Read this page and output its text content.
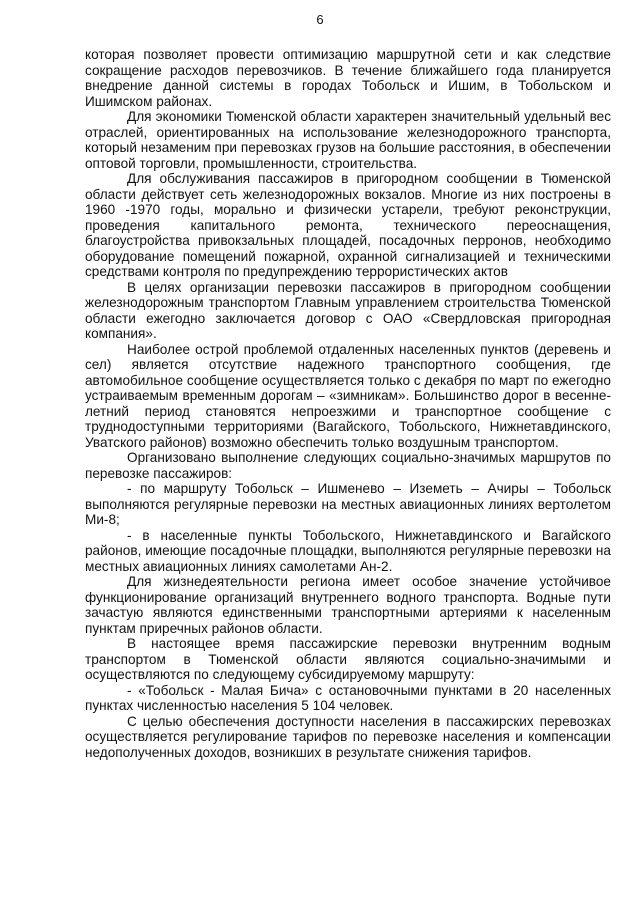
6

которая позволяет провести оптимизацию маршрутной сети и как следствие сокращение расходов перевозчиков. В течение ближайшего года планируется внедрение данной системы в городах Тобольск и Ишим, в Тобольском и Ишимском районах.

Для экономики Тюменской области характерен значительный удельный вес отраслей, ориентированных на использование железнодорожного транспорта, который незаменим при перевозках грузов на большие расстояния, в обеспечении оптовой торговли, промышленности, строительства.

Для обслуживания пассажиров в пригородном сообщении в Тюменской области действует сеть железнодорожных вокзалов. Многие из них построены в 1960 -1970 годы, морально и физически устарели, требуют реконструкции, проведения капитального ремонта, технического переоснащения, благоустройства привокзальных площадей, посадочных перронов, необходимо оборудование помещений пожарной, охранной сигнализацией и техническими средствами контроля по предупреждению террористических актов

В целях организации перевозки пассажиров в пригородном сообщении железнодорожным транспортом Главным управлением строительства Тюменской области ежегодно заключается договор с ОАО «Свердловская пригородная компания».

Наиболее острой проблемой отдаленных населенных пунктов (деревень и сел) является отсутствие надежного транспортного сообщения, где автомобильное сообщение осуществляется только с декабря по март по ежегодно устраиваемым временным дорогам – «зимникам». Большинство дорог в весенне-летний период становятся непроезжими и транспортное сообщение с труднодоступными территориями (Вагайского, Тобольского, Нижнетавдинского, Уватского районов) возможно обеспечить только воздушным транспортом.

Организовано выполнение следующих социально-значимых маршрутов по перевозке пассажиров:

- по маршруту Тобольск – Ишменево – Иземеть – Ачиры – Тобольск выполняются регулярные перевозки на местных авиационных линиях вертолетом Ми-8;

- в населенные пункты Тобольского, Нижнетавдинского и Вагайского районов, имеющие посадочные площадки, выполняются регулярные перевозки на местных авиационных линиях самолетами Ан-2.

Для жизнедеятельности региона имеет особое значение устойчивое функционирование организаций внутреннего водного транспорта. Водные пути зачастую являются единственными транспортными артериями к населенным пунктам приречных районов области.

В настоящее время пассажирские перевозки внутренним водным транспортом в Тюменской области являются социально-значимыми и осуществляются по следующему субсидируемому маршруту:

- «Тобольск - Малая Бича» с остановочными пунктами в 20 населенных пунктах численностью населения 5 104 человек.

С целью обеспечения доступности населения в пассажирских перевозках осуществляется регулирование тарифов по перевозке населения и компенсации недополученных доходов, возникших в результате снижения тарифов.
